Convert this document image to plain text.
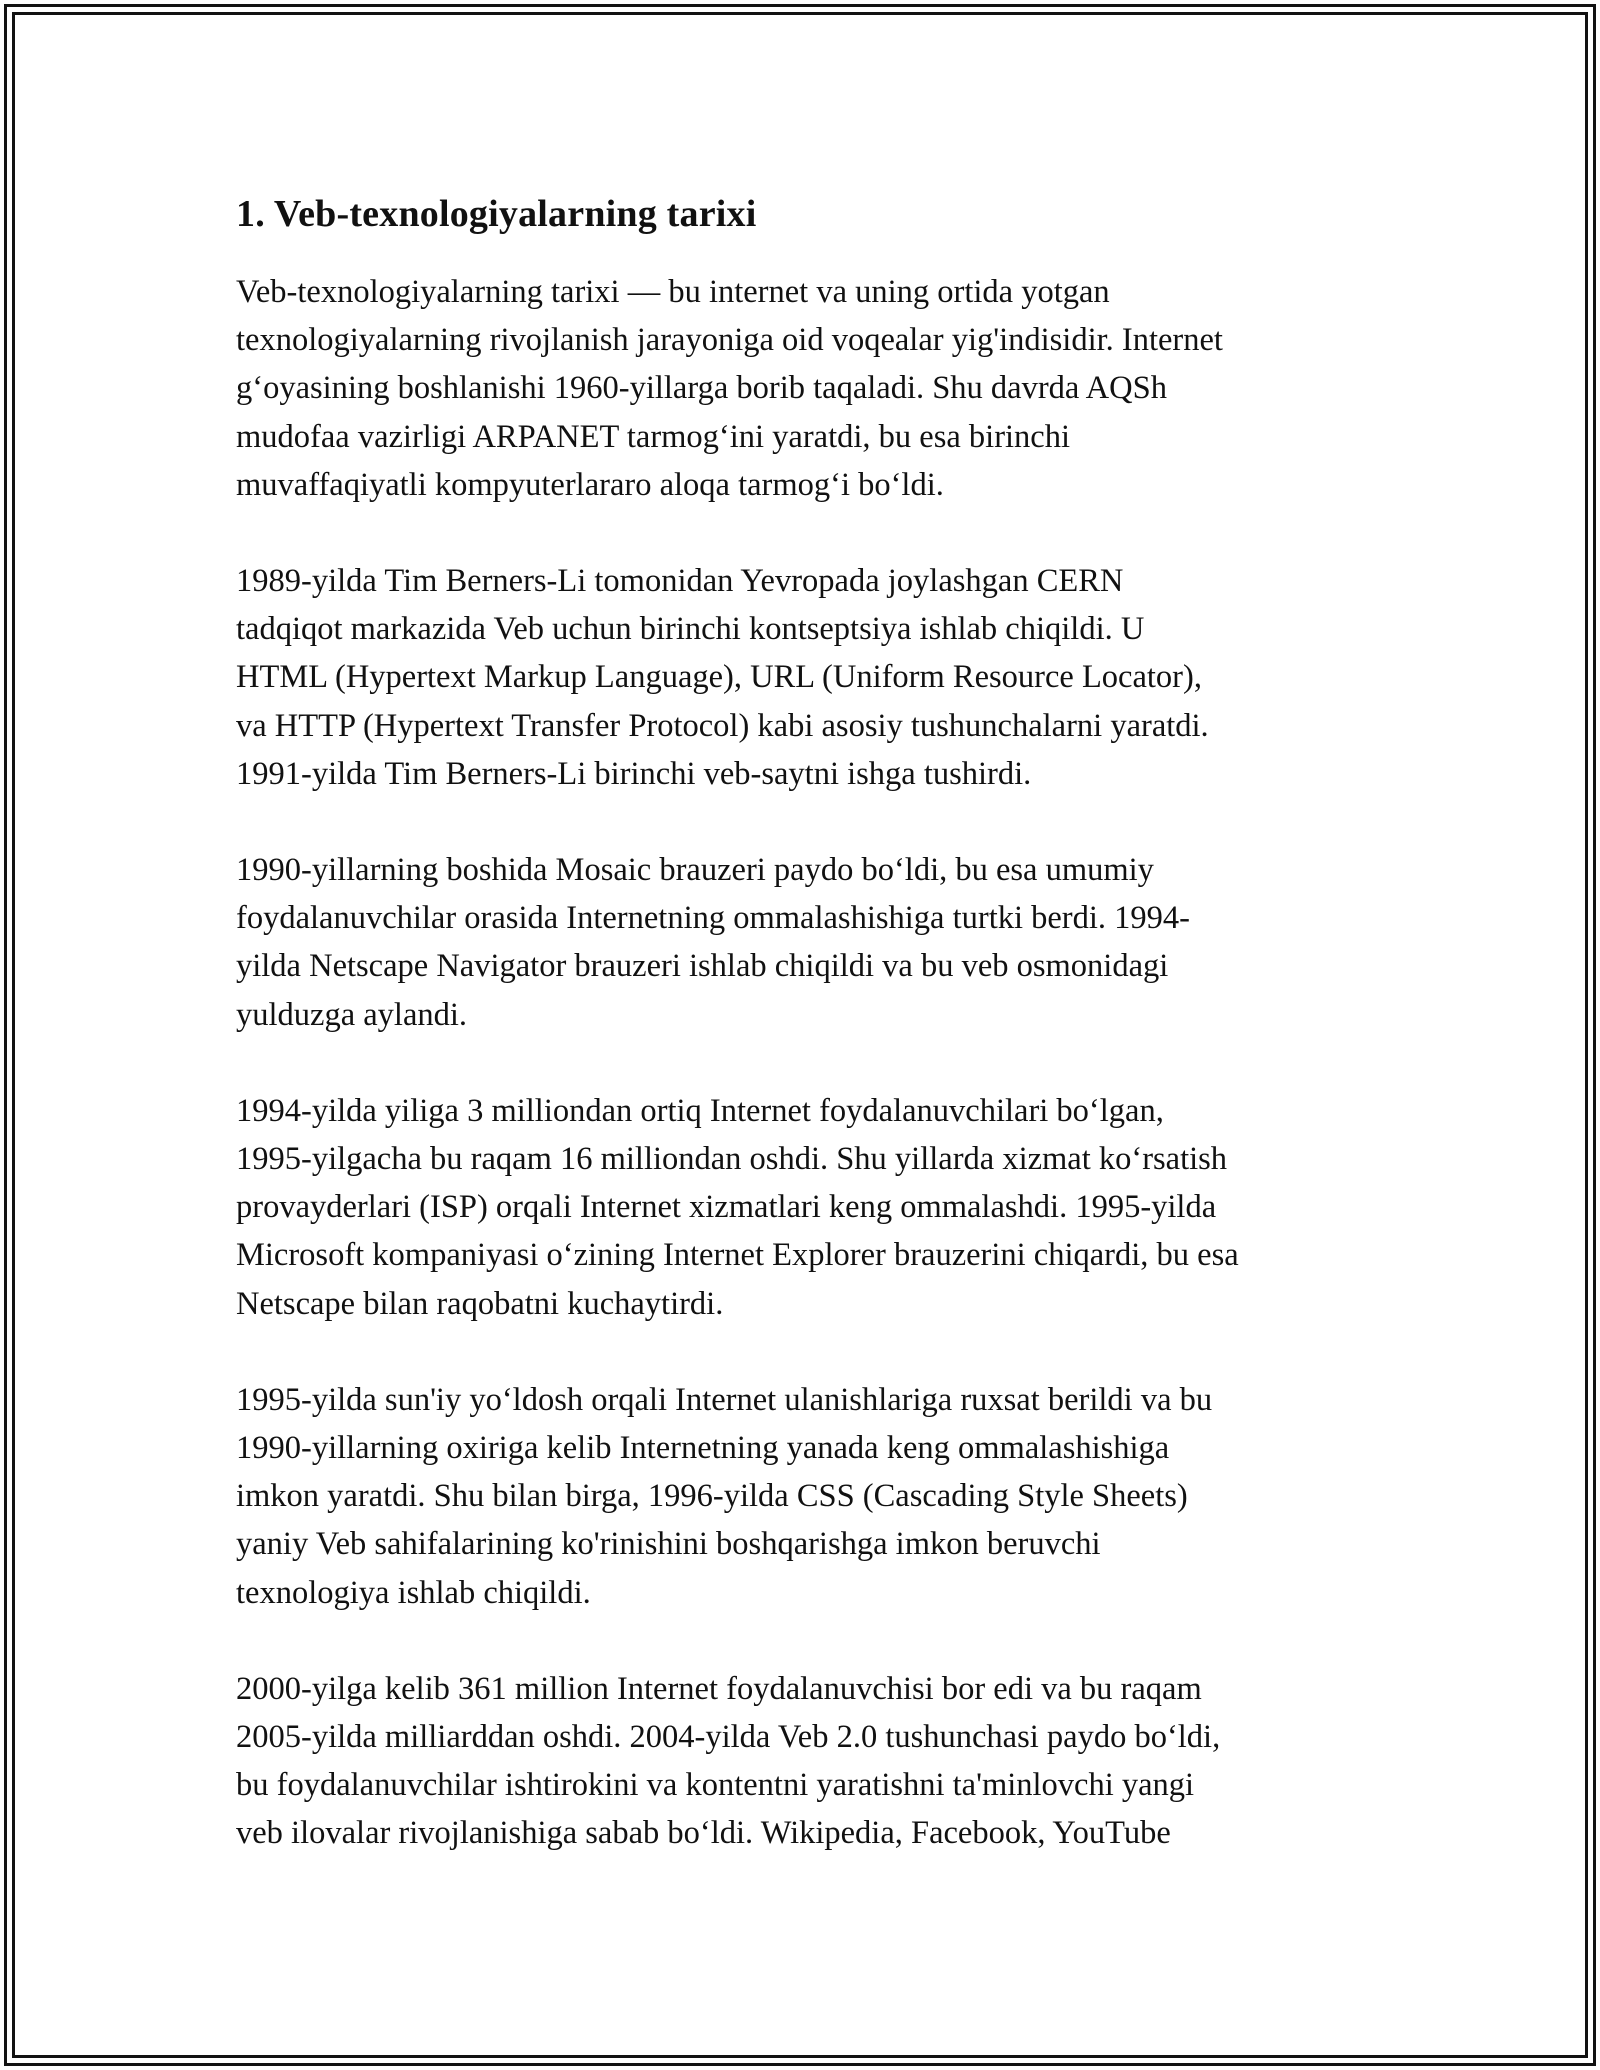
1. Veb-texnologiyalarning tarixi

Veb-texnologiyalarning tarixi — bu internet va uning ortida yotgan
texnologiyalarning rivojlanish jarayoniga oid voqealar yig'indisidir. Internet
g‘oyasining boshlanishi 1960-yillarga borib taqaladi. Shu davrda AQSh
mudofaa vazirligi ARPANET tarmog‘ini yaratdi, bu esa birinchi
muvaffaqiyatli kompyuterlararo aloqa tarmog‘i bo‘ldi.

1989-yilda Tim Berners-Li tomonidan Yevropada joylashgan CERN
tadqiqot markazida Veb uchun birinchi kontseptsiya ishlab chiqildi. U
HTML (Hypertext Markup Language), URL (Uniform Resource Locator),
va HTTP (Hypertext Transfer Protocol) kabi asosiy tushunchalarni yaratdi.
1991-yilda Tim Berners-Li birinchi veb-saytni ishga tushirdi.

1990-yillarning boshida Mosaic brauzeri paydo bo‘ldi, bu esa umumiy
foydalanuvchilar orasida Internetning ommalashishiga turtki berdi. 1994-
yilda Netscape Navigator brauzeri ishlab chiqildi va bu veb osmonidagi
yulduzga aylandi.

1994-yilda yiliga 3 milliondan ortiq Internet foydalanuvchilari bo‘lgan,
1995-yilgacha bu raqam 16 milliondan oshdi. Shu yillarda xizmat ko‘rsatish
provayderlari (ISP) orqali Internet xizmatlari keng ommalashdi. 1995-yilda
Microsoft kompaniyasi o‘zining Internet Explorer brauzerini chiqardi, bu esa
Netscape bilan raqobatni kuchaytirdi.

1995-yilda sun'iy yo‘ldosh orqali Internet ulanishlariga ruxsat berildi va bu
1990-yillarning oxiriga kelib Internetning yanada keng ommalashishiga
imkon yaratdi. Shu bilan birga, 1996-yilda CSS (Cascading Style Sheets)
yaniy Veb sahifalarining ko'rinishini boshqarishga imkon beruvchi
texnologiya ishlab chiqildi.

2000-yilga kelib 361 million Internet foydalanuvchisi bor edi va bu raqam
2005-yilda milliarddan oshdi. 2004-yilda Veb 2.0 tushunchasi paydo bo‘ldi,
bu foydalanuvchilar ishtirokini va kontentni yaratishni ta'minlovchi yangi
veb ilovalar rivojlanishiga sabab bo‘ldi. Wikipedia, Facebook, YouTube
